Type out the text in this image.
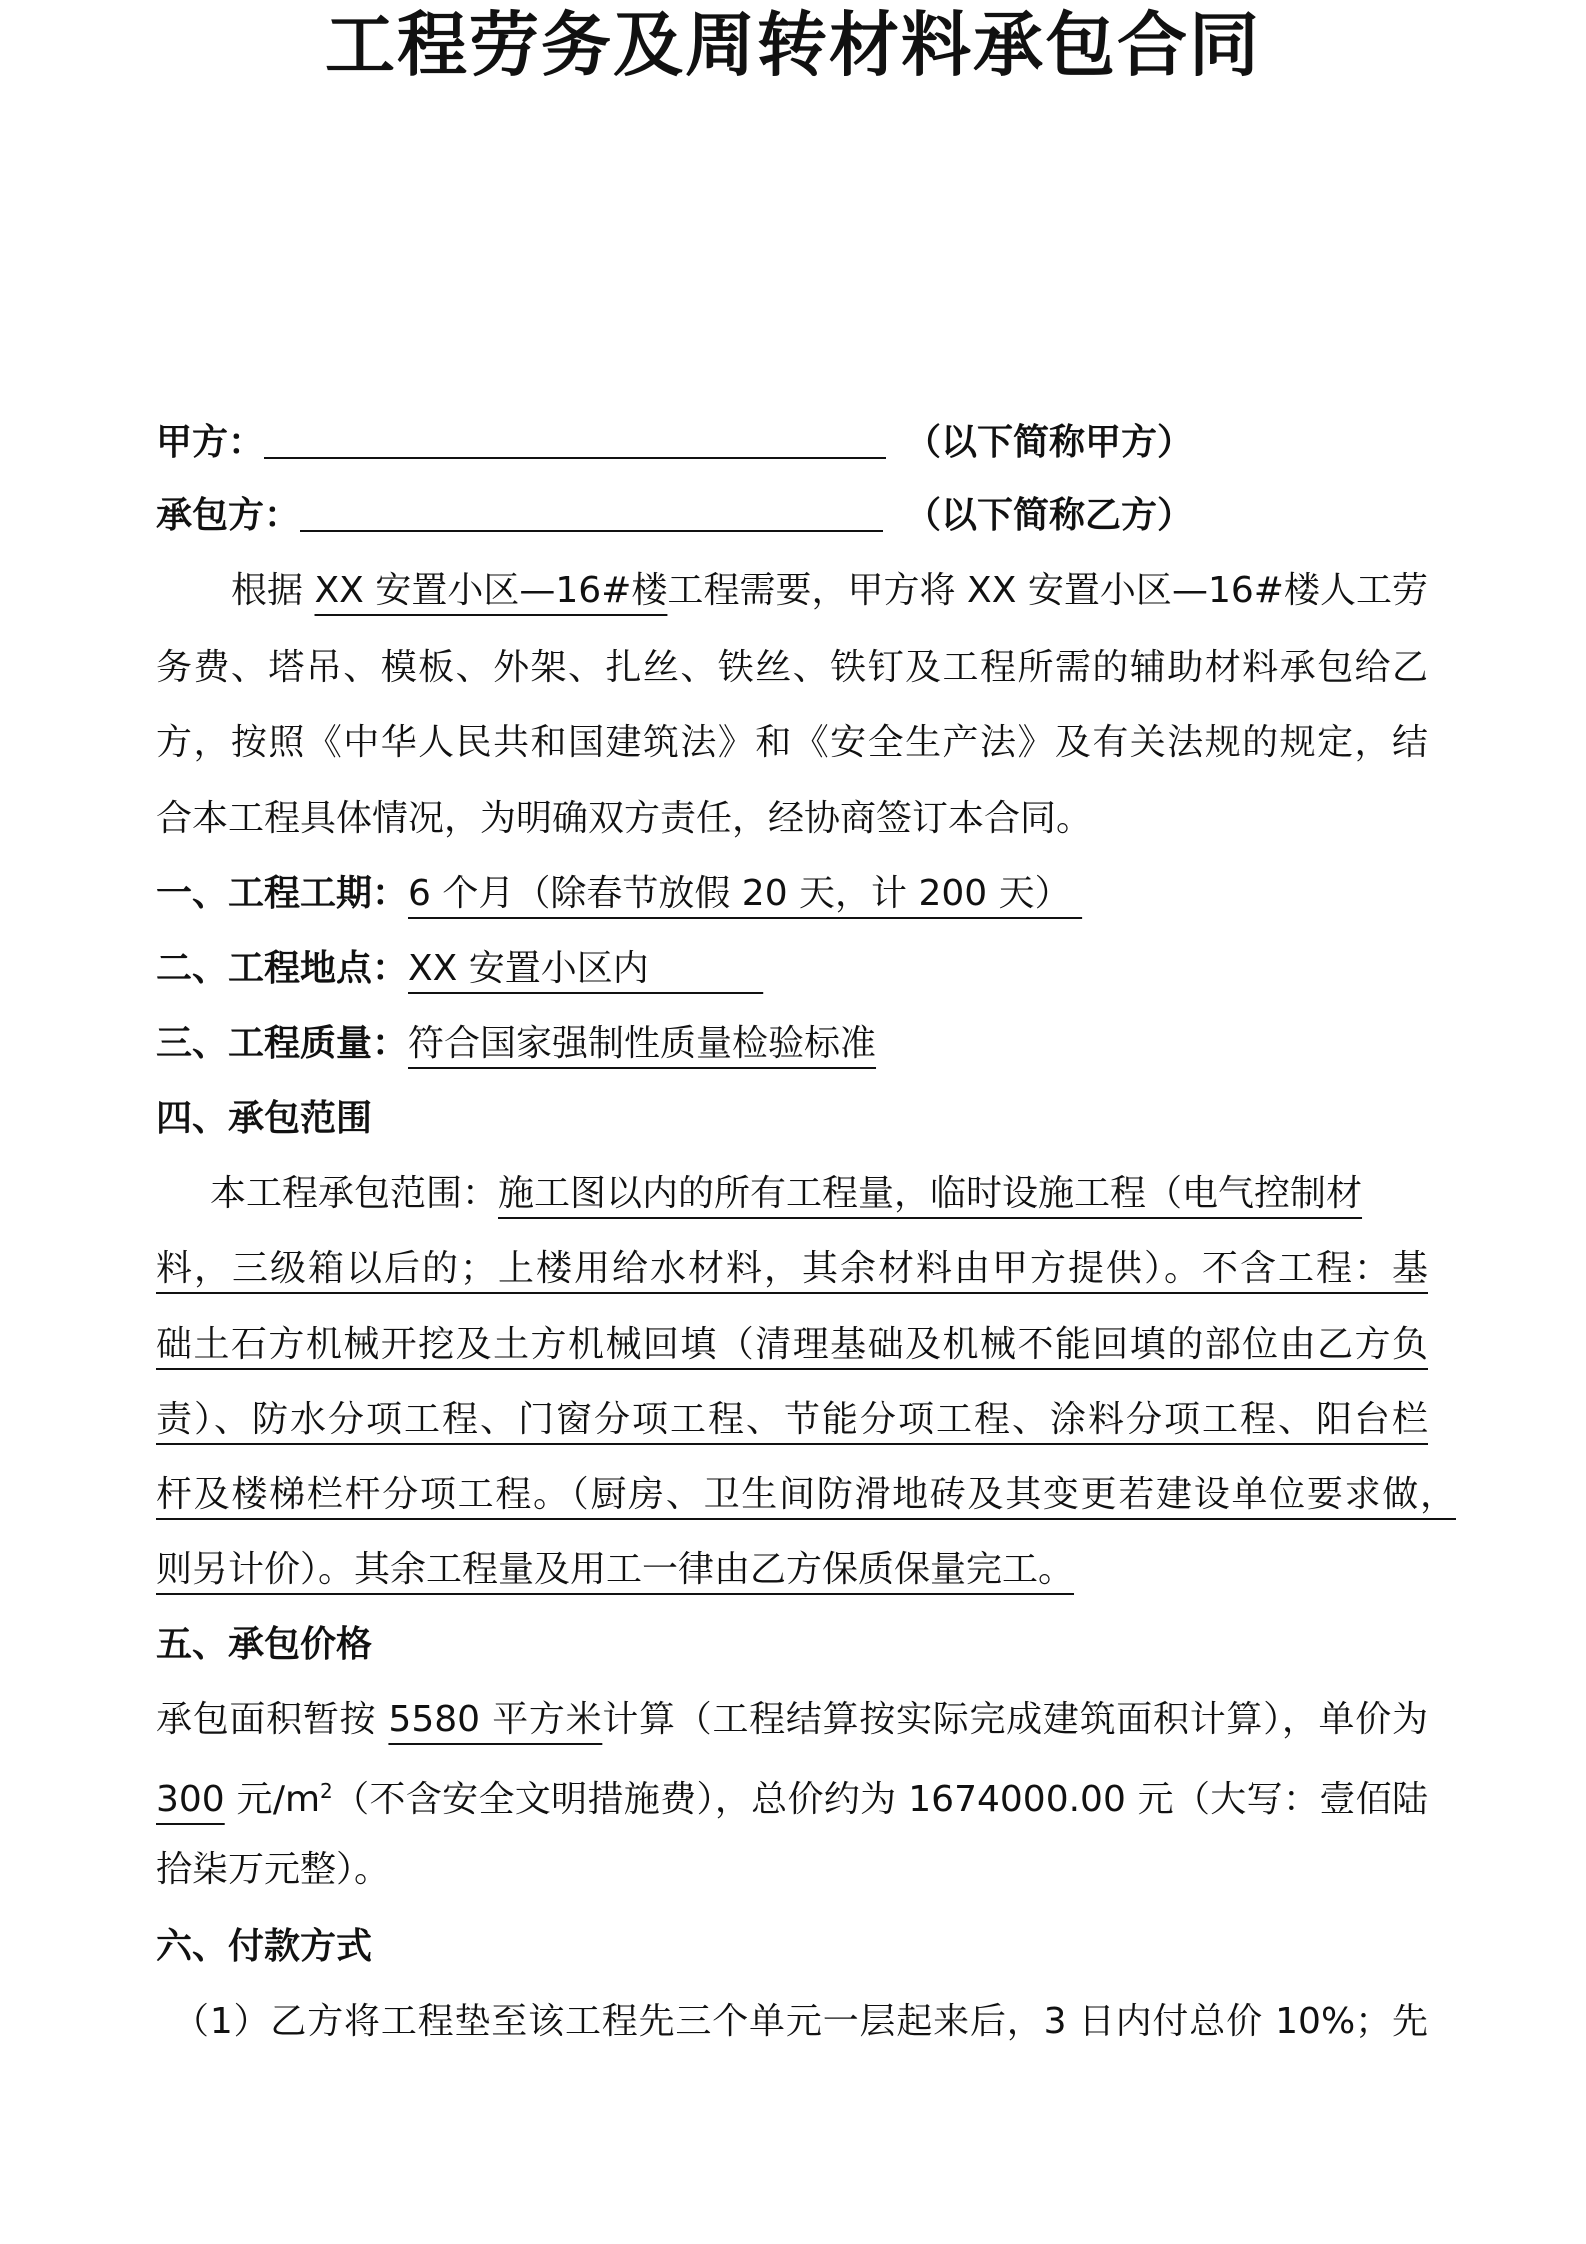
工程劳务及周转材料承包合同
甲方：	（以下简称甲方）
承包方：	（以下简称乙方）
根据 XX 安置小区—16#楼工程需要，甲方将 XX 安置小区—16#楼人工劳
务费、塔吊、模板、外架、扎丝、铁丝、铁钉及工程所需的辅助材料承包给乙
方，按照《中华人民共和国建筑法》和《安全生产法》及有关法规的规定，结
合本工程具体情况，为明确双方责任，经协商签订本合同。
一、工程工期：6 个月（除春节放假 20 天，计 200 天）
二、工程地点：XX 安置小区内
三、工程质量：符合国家强制性质量检验标准
四、承包范围
本工程承包范围：施工图以内的所有工程量，临时设施工程（电气控制材
料，三级箱以后的；上楼用给水材料，其余材料由甲方提供）。不含工程：基
础土石方机械开挖及土方机械回填（清理基础及机械不能回填的部位由乙方负
责）、防水分项工程、门窗分项工程、节能分项工程、涂料分项工程、阳台栏
杆及楼梯栏杆分项工程。（厨房、卫生间防滑地砖及其变更若建设单位要求做，
则另计价）。其余工程量及用工一律由乙方保质保量完工。
五、承包价格
承包面积暂按 5580 平方米计算（工程结算按实际完成建筑面积计算），单价为
300 元$/m^2$（不含安全文明措施费），总价约为 1674000.00 元（大写：壹佰陆
拾柒万元整）。
六、付款方式
（1）乙方将工程垫至该工程先三个单元一层起来后，3 日内付总价 10%；先
